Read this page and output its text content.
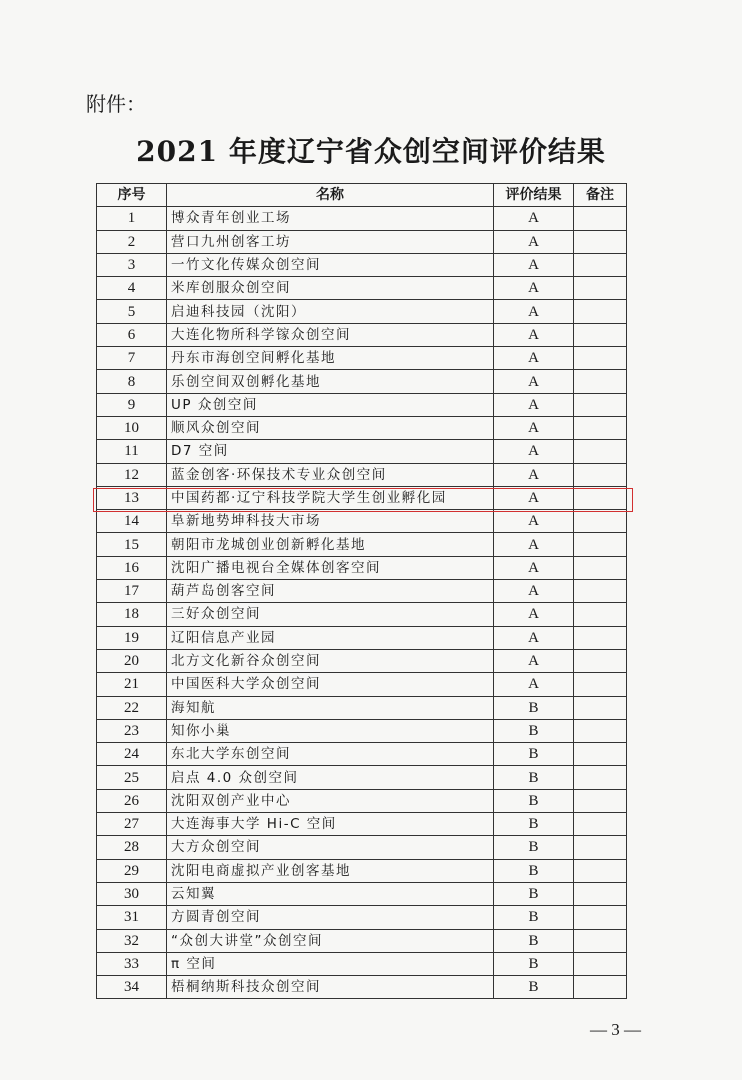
附件：
2021 年度辽宁省众创空间评价结果
序号	名称	评价结果	备注
1	博众青年创业工场	A	
2	营口九州创客工坊	A	
3	一竹文化传媒众创空间	A	
4	米库创服众创空间	A	
5	启迪科技园（沈阳）	A	
6	大连化物所科学镓众创空间	A	
7	丹东市海创空间孵化基地	A	
8	乐创空间双创孵化基地	A	
9	UP 众创空间	A	
10	顺风众创空间	A	
11	D7 空间	A	
12	蓝金创客·环保技术专业众创空间	A	
13	中国药都·辽宁科技学院大学生创业孵化园	A	
14	阜新地势坤科技大市场	A	
15	朝阳市龙城创业创新孵化基地	A	
16	沈阳广播电视台全媒体创客空间	A	
17	葫芦岛创客空间	A	
18	三好众创空间	A	
19	辽阳信息产业园	A	
20	北方文化新谷众创空间	A	
21	中国医科大学众创空间	A	
22	海知航	B	
23	知你小巢	B	
24	东北大学东创空间	B	
25	启点 4.0 众创空间	B	
26	沈阳双创产业中心	B	
27	大连海事大学 Hi-C 空间	B	
28	大方众创空间	B	
29	沈阳电商虚拟产业创客基地	B	
30	云知翼	B	
31	方圆青创空间	B	
32	“众创大讲堂”众创空间	B	
33	π 空间	B	
34	梧桐纳斯科技众创空间	B	
— 3 —
